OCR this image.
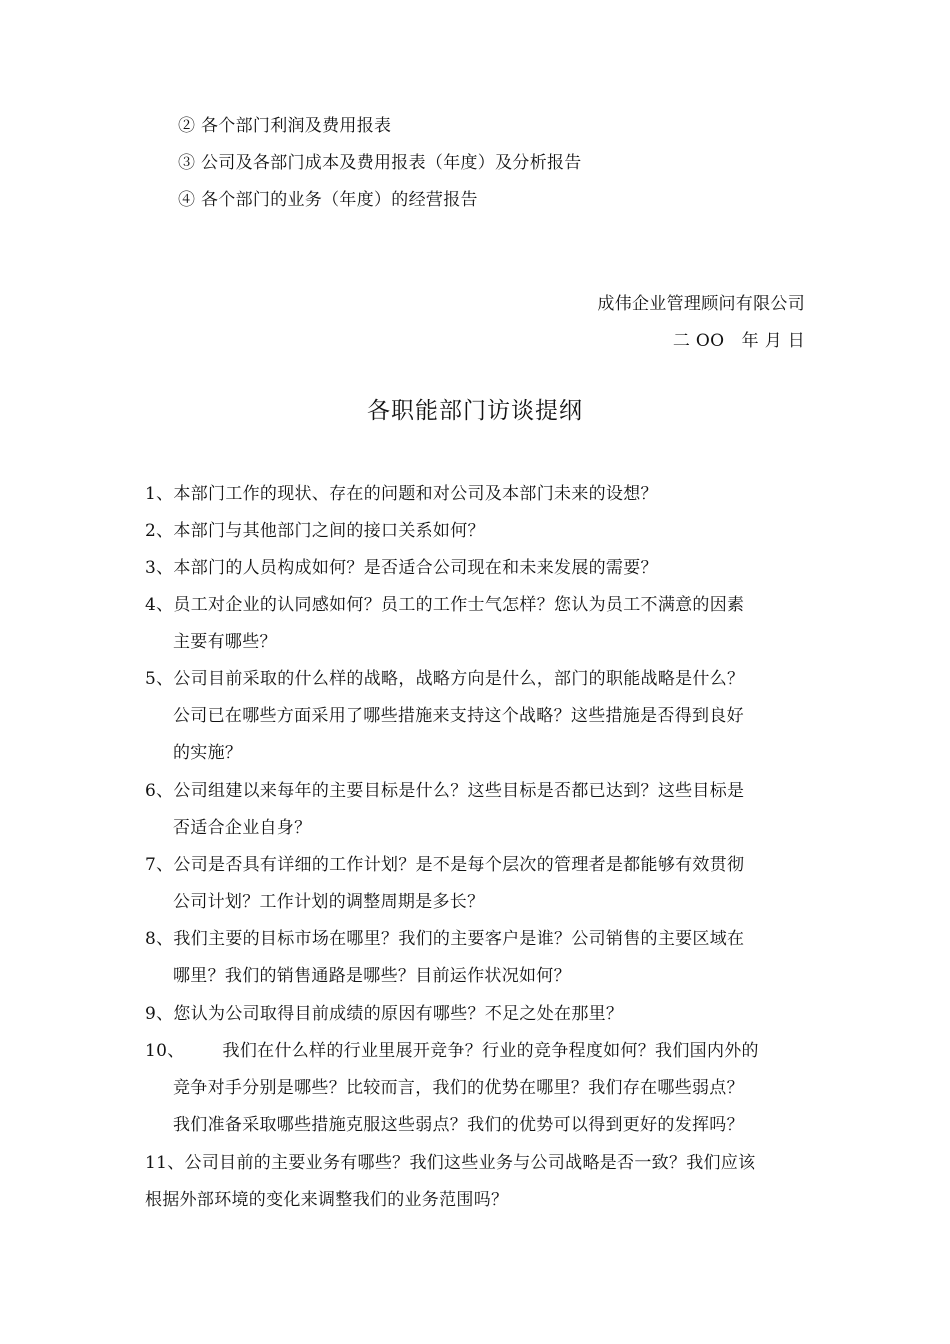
② 各个部门利润及费用报表
③ 公司及各部门成本及费用报表（年度）及分析报告
④ 各个部门的业务（年度）的经营报告
成伟企业管理顾问有限公司
二 OO　年 月 日
各职能部门访谈提纲
1、本部门工作的现状、存在的问题和对公司及本部门未来的设想？
2、本部门与其他部门之间的接口关系如何？
3、本部门的人员构成如何？是否适合公司现在和未来发展的需要？
4、员工对企业的认同感如何？员工的工作士气怎样？您认为员工不满意的因素
主要有哪些？
5、公司目前采取的什么样的战略，战略方向是什么，部门的职能战略是什么？
公司已在哪些方面采用了哪些措施来支持这个战略？这些措施是否得到良好
的实施？
6、公司组建以来每年的主要目标是什么？这些目标是否都已达到？这些目标是
否适合企业自身？
7、公司是否具有详细的工作计划？是不是每个层次的管理者是都能够有效贯彻
公司计划？工作计划的调整周期是多长？
8、我们主要的目标市场在哪里？我们的主要客户是谁？公司销售的主要区域在
哪里？我们的销售通路是哪些？目前运作状况如何？
9、您认为公司取得目前成绩的原因有哪些？不足之处在那里？
10、 我们在什么样的行业里展开竞争？行业的竞争程度如何？我们国内外的
竞争对手分别是哪些？比较而言，我们的优势在哪里？我们存在哪些弱点？
我们准备采取哪些措施克服这些弱点？我们的优势可以得到更好的发挥吗？
11、公司目前的主要业务有哪些？我们这些业务与公司战略是否一致？我们应该
根据外部环境的变化来调整我们的业务范围吗？
